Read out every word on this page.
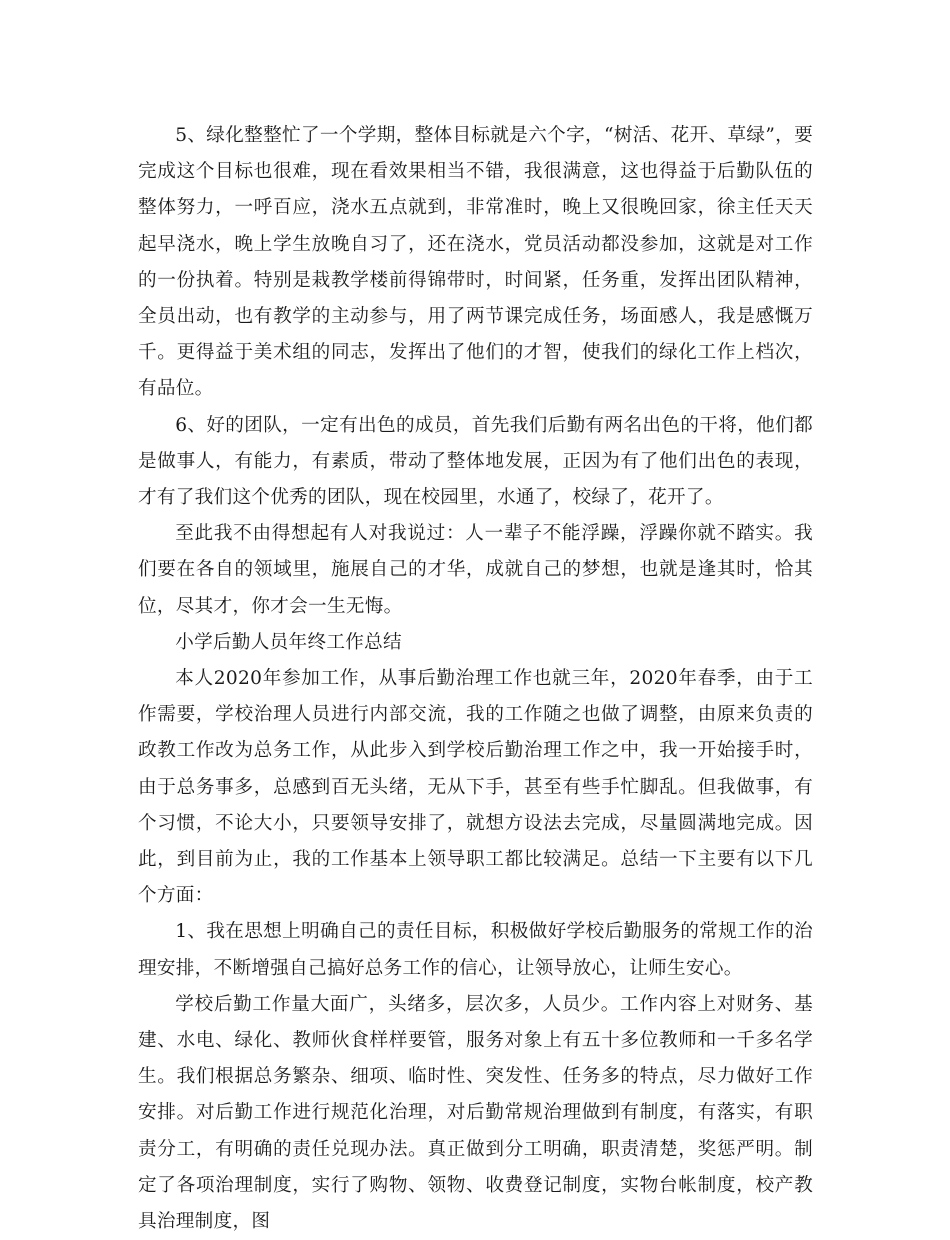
5、绿化整整忙了一个学期，整体目标就是六个字，“树活、花开、草绿”，要完成这个目标也很难，现在看效果相当不错，我很满意，这也得益于后勤队伍的整体努力，一呼百应，浇水五点就到，非常准时，晚上又很晚回家，徐主任天天起早浇水，晚上学生放晚自习了，还在浇水，党员活动都没参加，这就是对工作的一份执着。特别是栽教学楼前得锦带时，时间紧，任务重，发挥出团队精神，全员出动，也有教学的主动参与，用了两节课完成任务，场面感人，我是感慨万千。更得益于美术组的同志，发挥出了他们的才智，使我们的绿化工作上档次，有品位。

6、好的团队，一定有出色的成员，首先我们后勤有两名出色的干将，他们都是做事人，有能力，有素质，带动了整体地发展，正因为有了他们出色的表现，才有了我们这个优秀的团队，现在校园里，水通了，校绿了，花开了。

至此我不由得想起有人对我说过：人一辈子不能浮躁，浮躁你就不踏实。我们要在各自的领域里，施展自己的才华，成就自己的梦想，也就是逢其时，恰其位，尽其才，你才会一生无悔。

小学后勤人员年终工作总结

本人2020年参加工作，从事后勤治理工作也就三年，2020年春季，由于工作需要，学校治理人员进行内部交流，我的工作随之也做了调整，由原来负责的政教工作改为总务工作，从此步入到学校后勤治理工作之中，我一开始接手时，由于总务事多，总感到百无头绪，无从下手，甚至有些手忙脚乱。但我做事，有个习惯，不论大小，只要领导安排了，就想方设法去完成，尽量圆满地完成。因此，到目前为止，我的工作基本上领导职工都比较满足。总结一下主要有以下几个方面：

1、我在思想上明确自己的责任目标，积极做好学校后勤服务的常规工作的治理安排，不断增强自己搞好总务工作的信心，让领导放心，让师生安心。

学校后勤工作量大面广，头绪多，层次多，人员少。工作内容上对财务、基建、水电、绿化、教师伙食样样要管，服务对象上有五十多位教师和一千多名学生。我们根据总务繁杂、细项、临时性、突发性、任务多的特点，尽力做好工作安排。对后勤工作进行规范化治理，对后勤常规治理做到有制度，有落实，有职责分工，有明确的责任兑现办法。真正做到分工明确，职责清楚，奖惩严明。制定了各项治理制度，实行了购物、领物、收费登记制度，实物台帐制度，校产教具治理制度，图
